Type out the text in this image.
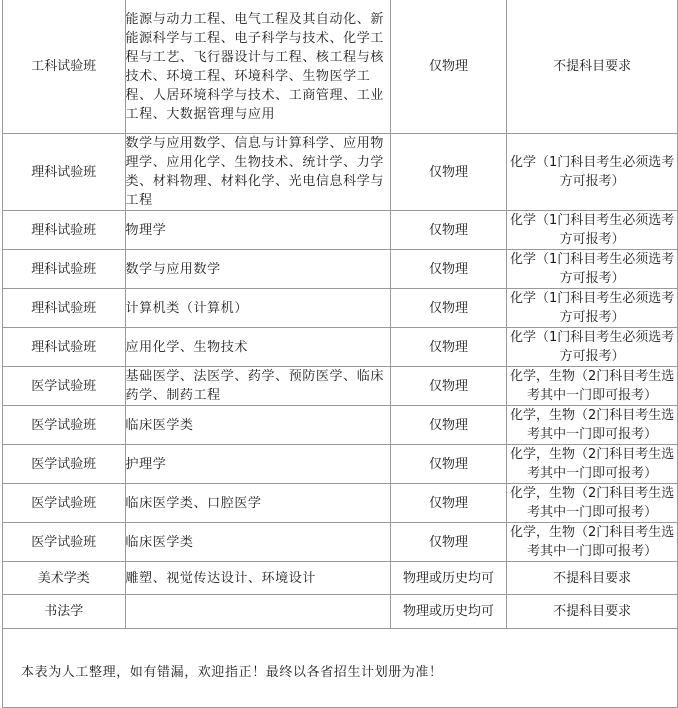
工科试验班	能源与动力工程、电气工程及其自动化、新能源科学与工程、电子科学与技术、化学工程与工艺、飞行器设计与工程、核工程与核技术、环境工程、环境科学、生物医学工程、人居环境科学与技术、工商管理、工业工程、大数据管理与应用	仅物理	不提科目要求
理科试验班	数学与应用数学、信息与计算科学、应用物理学、应用化学、生物技术、统计学、力学类、材料物理、材料化学、光电信息科学与工程	仅物理	化学（1门科目考生必须选考方可报考）
理科试验班	物理学	仅物理	化学（1门科目考生必须选考方可报考）
理科试验班	数学与应用数学	仅物理	化学（1门科目考生必须选考方可报考）
理科试验班	计算机类（计算机）	仅物理	化学（1门科目考生必须选考方可报考）
理科试验班	应用化学、生物技术	仅物理	化学（1门科目考生必须选考方可报考）
医学试验班	基础医学、法医学、药学、预防医学、临床药学、制药工程	仅物理	化学，生物（2门科目考生选考其中一门即可报考）
医学试验班	临床医学类	仅物理	化学，生物（2门科目考生选考其中一门即可报考）
医学试验班	护理学	仅物理	化学，生物（2门科目考生选考其中一门即可报考）
医学试验班	临床医学类、口腔医学	仅物理	化学，生物（2门科目考生选考其中一门即可报考）
医学试验班	临床医学类	仅物理	化学，生物（2门科目考生选考其中一门即可报考）
美术学类	雕塑、视觉传达设计、环境设计	物理或历史均可	不提科目要求
书法学		物理或历史均可	不提科目要求
本表为人工整理，如有错漏，欢迎指正！最终以各省招生计划册为准！
